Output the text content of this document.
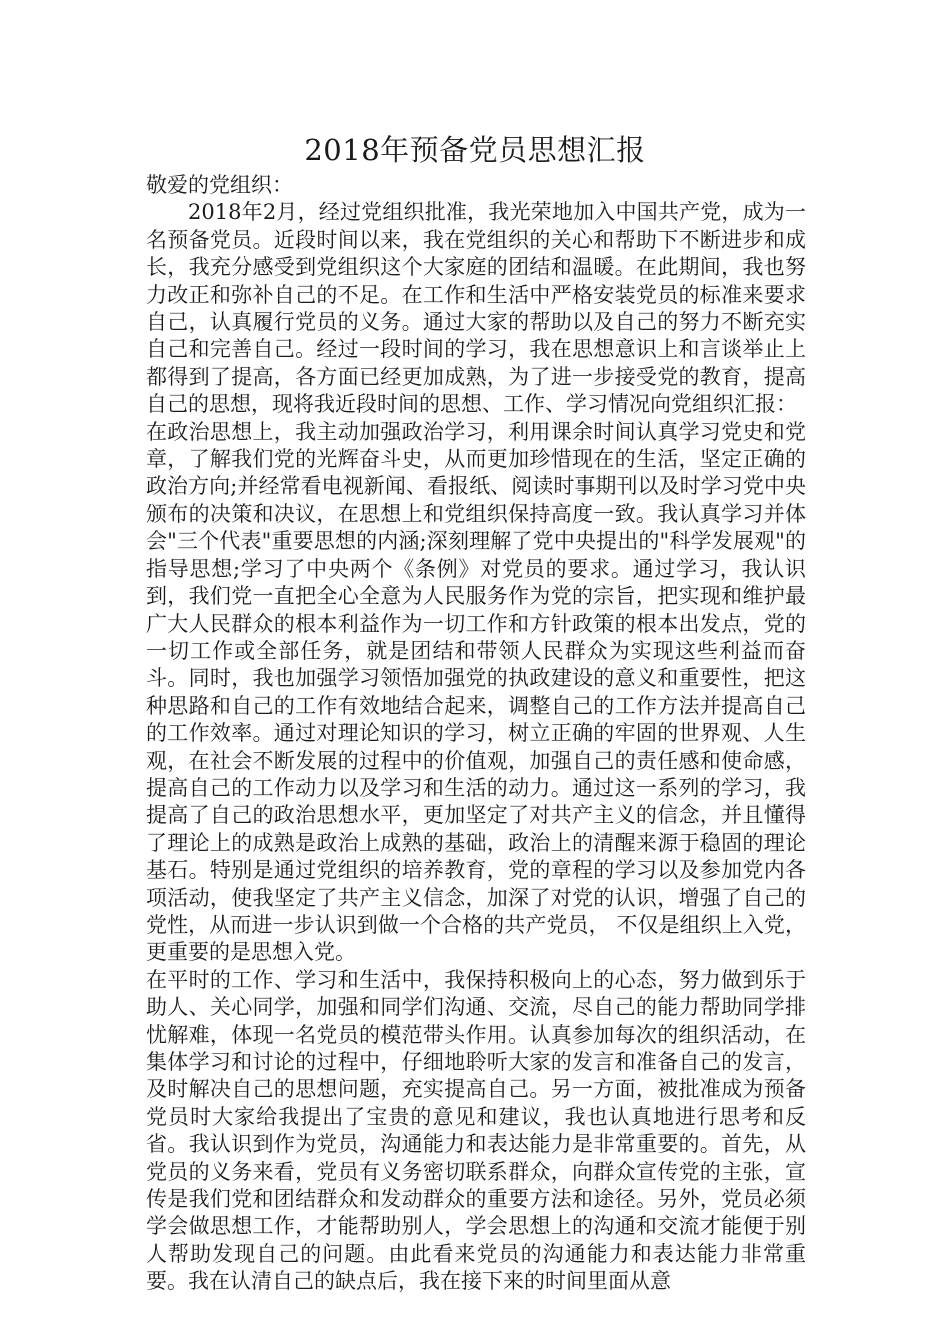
2018年预备党员思想汇报

敬爱的党组织：

2018年2月，经过党组织批准，我光荣地加入中国共产党，成为一名预备党员。近段时间以来，我在党组织的关心和帮助下不断进步和成长，我充分感受到党组织这个大家庭的团结和温暖。在此期间，我也努力改正和弥补自己的不足。在工作和生活中严格安装党员的标准来要求自己，认真履行党员的义务。通过大家的帮助以及自己的努力不断充实自己和完善自己。经过一段时间的学习，我在思想意识上和言谈举止上都得到了提高，各方面已经更加成熟，为了进一步接受党的教育，提高自己的思想，现将我近段时间的思想、工作、学习情况向党组织汇报：

在政治思想上，我主动加强政治学习，利用课余时间认真学习党史和党章，了解我们党的光辉奋斗史，从而更加珍惜现在的生活，坚定正确的政治方向;并经常看电视新闻、看报纸、阅读时事期刊以及时学习党中央颁布的决策和决议，在思想上和党组织保持高度一致。我认真学习并体会"三个代表"重要思想的内涵;深刻理解了党中央提出的"科学发展观"的指导思想;学习了中央两个《条例》对党员的要求。通过学习，我认识到，我们党一直把全心全意为人民服务作为党的宗旨，把实现和维护最广大人民群众的根本利益作为一切工作和方针政策的根本出发点，党的一切工作或全部任务，就是团结和带领人民群众为实现这些利益而奋斗。同时，我也加强学习领悟加强党的执政建设的意义和重要性，把这种思路和自己的工作有效地结合起来，调整自己的工作方法并提高自己的工作效率。通过对理论知识的学习，树立正确的牢固的世界观、人生观，在社会不断发展的过程中的价值观，加强自己的责任感和使命感，提高自己的工作动力以及学习和生活的动力。通过这一系列的学习，我提高了自己的政治思想水平，更加坚定了对共产主义的信念，并且懂得了理论上的成熟是政治上成熟的基础，政治上的清醒来源于稳固的理论基石。特别是通过党组织的培养教育，党的章程的学习以及参加党内各项活动，使我坚定了共产主义信念，加深了对党的认识，增强了自己的党性，从而进一步认识到做一个合格的共产党员， 不仅是组织上入党， 更重要的是思想入党。

在平时的工作、学习和生活中，我保持积极向上的心态，努力做到乐于助人、关心同学，加强和同学们沟通、交流，尽自己的能力帮助同学排忧解难，体现一名党员的模范带头作用。认真参加每次的组织活动，在集体学习和讨论的过程中，仔细地聆听大家的发言和准备自己的发言，及时解决自己的思想问题，充实提高自己。另一方面，被批准成为预备党员时大家给我提出了宝贵的意见和建议，我也认真地进行思考和反省。我认识到作为党员，沟通能力和表达能力是非常重要的。首先，从党员的义务来看，党员有义务密切联系群众，向群众宣传党的主张，宣传是我们党和团结群众和发动群众的重要方法和途径。另外，党员必须学会做思想工作，才能帮助别人，学会思想上的沟通和交流才能便于别人帮助发现自己的问题。由此看来党员的沟通能力和表达能力非常重要。我在认清自己的缺点后，我在接下来的时间里面从意
